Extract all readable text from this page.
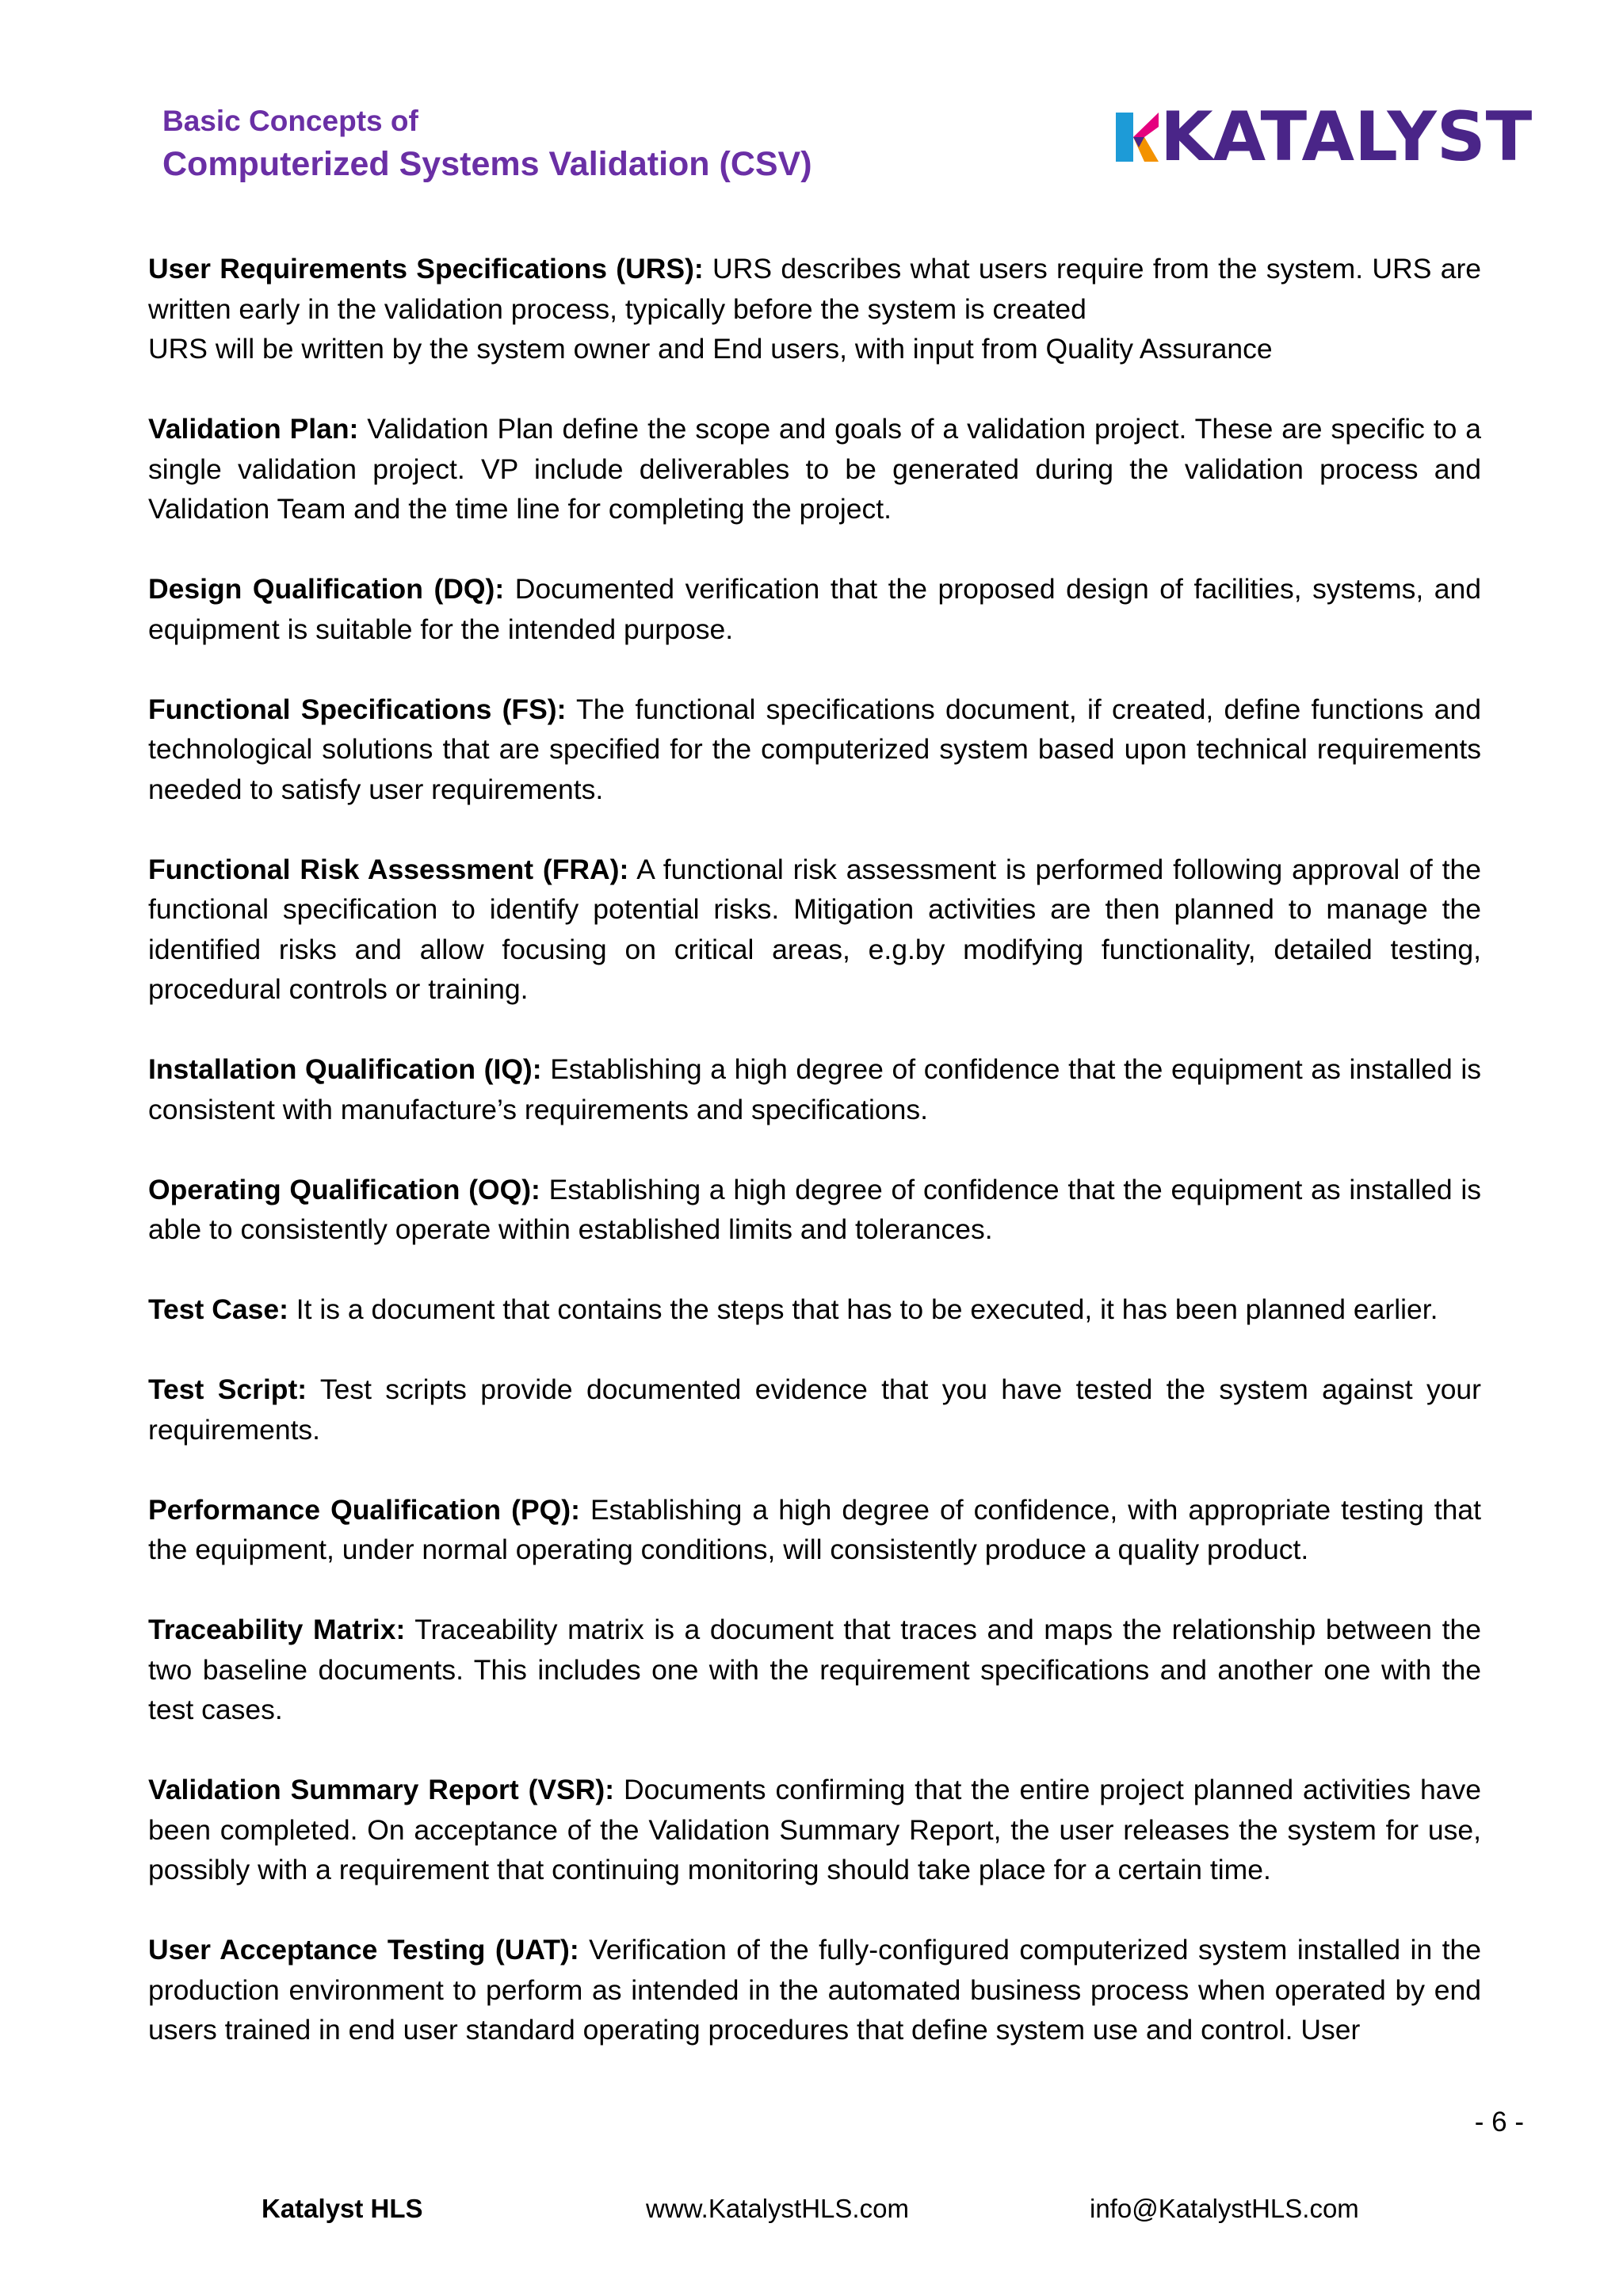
Basic Concepts of
Computerized Systems Validation (CSV)	KATALYST

User Requirements Specifications (URS): URS describes what users require from the system. URS are written early in the validation process, typically before the system is created
URS will be written by the system owner and End users, with input from Quality Assurance

Validation Plan: Validation Plan define the scope and goals of a validation project. These are specific to a single validation project. VP include deliverables to be generated during the validation process and Validation Team and the time line for completing the project.

Design Qualification (DQ): Documented verification that the proposed design of facilities, systems, and equipment is suitable for the intended purpose.

Functional Specifications (FS): The functional specifications document, if created, define functions and technological solutions that are specified for the computerized system based upon technical requirements needed to satisfy user requirements.

Functional Risk Assessment (FRA): A functional risk assessment is performed following approval of the functional specification to identify potential risks. Mitigation activities are then planned to manage the identified risks and allow focusing on critical areas, e.g.by modifying functionality, detailed testing, procedural controls or training.

Installation Qualification (IQ): Establishing a high degree of confidence that the equipment as installed is consistent with manufacture’s requirements and specifications.

Operating Qualification (OQ): Establishing a high degree of confidence that the equipment as installed is able to consistently operate within established limits and tolerances.

Test Case: It is a document that contains the steps that has to be executed, it has been planned earlier.

Test Script: Test scripts provide documented evidence that you have tested the system against your requirements.

Performance Qualification (PQ): Establishing a high degree of confidence, with appropriate testing that the equipment, under normal operating conditions, will consistently produce a quality product.

Traceability Matrix: Traceability matrix is a document that traces and maps the relationship between the two baseline documents. This includes one with the requirement specifications and another one with the test cases.

Validation Summary Report (VSR): Documents confirming that the entire project planned activities have been completed. On acceptance of the Validation Summary Report, the user releases the system for use, possibly with a requirement that continuing monitoring should take place for a certain time.

User Acceptance Testing (UAT): Verification of the fully-configured computerized system installed in the production environment to perform as intended in the automated business process when operated by end users trained in end user standard operating procedures that define system use and control. User

- 6 -
Katalyst HLS	www.KatalystHLS.com	info@KatalystHLS.com
